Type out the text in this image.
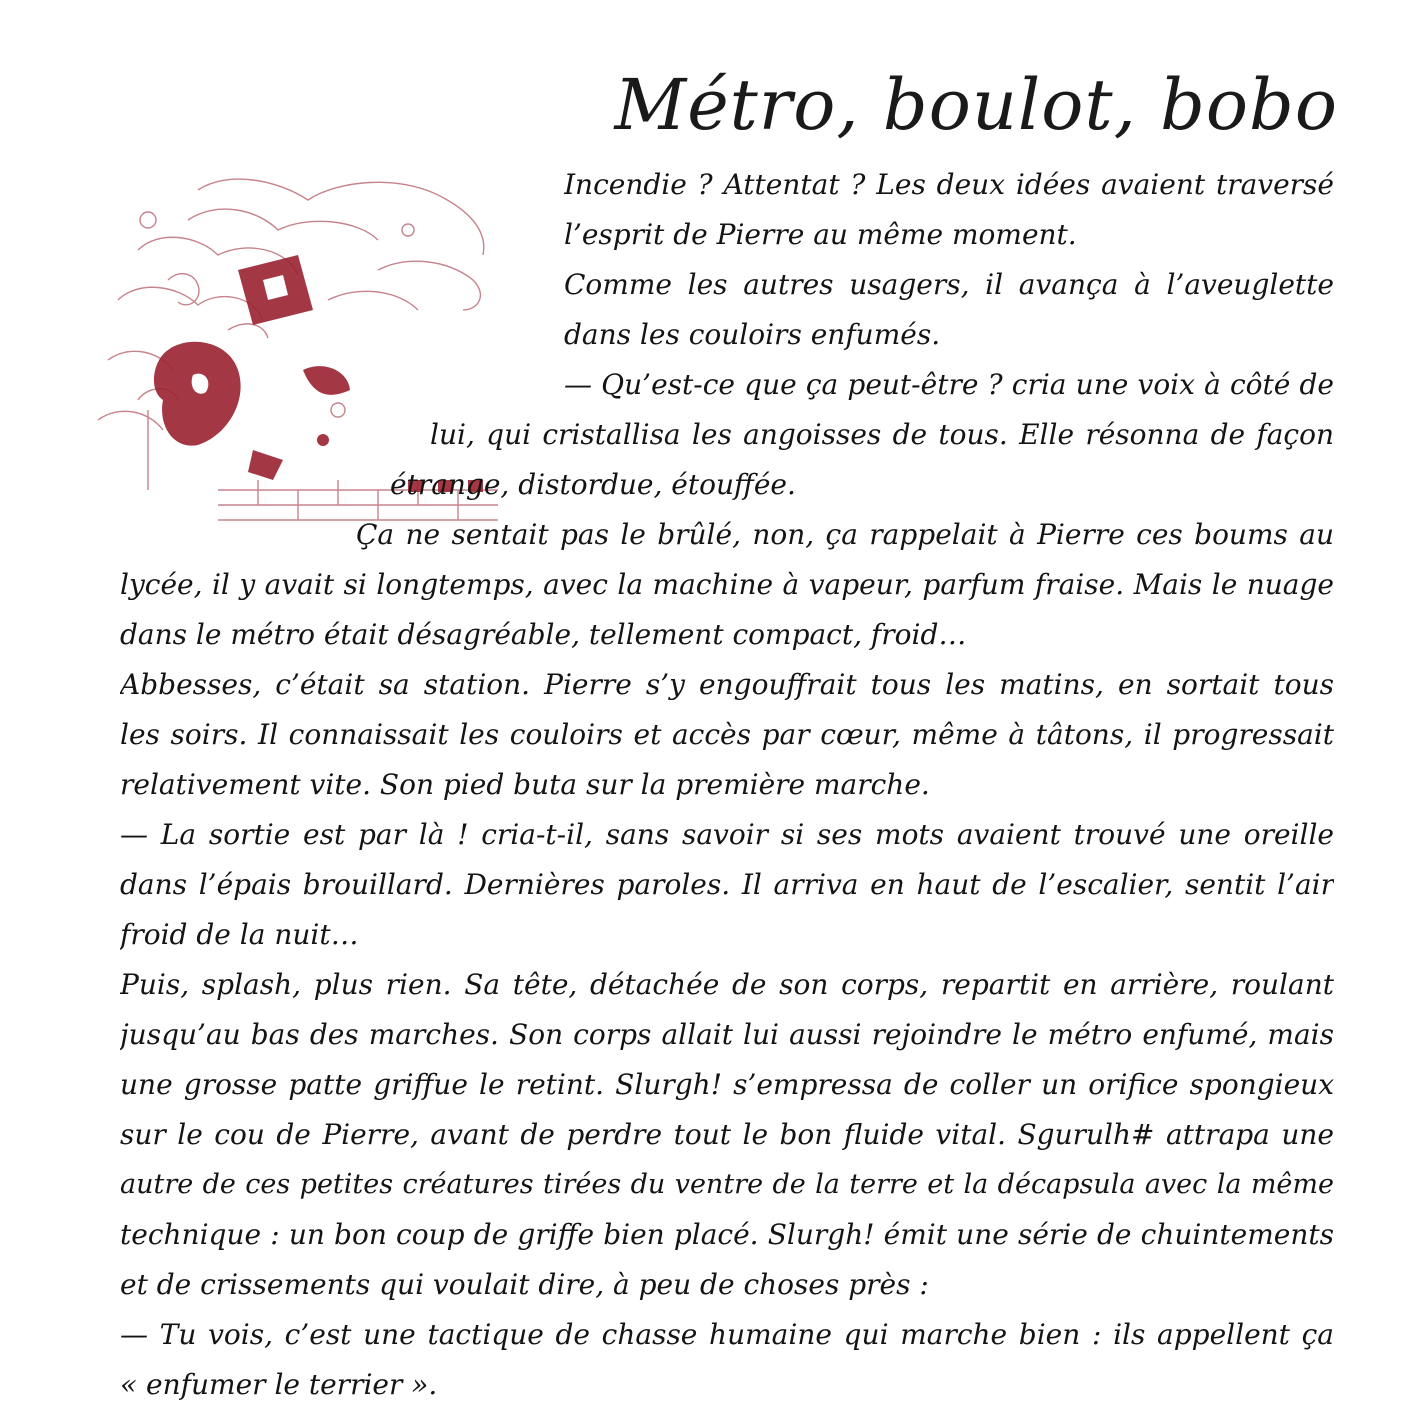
Métro, boulot, bobo
Incendie ? Attentat ? Les deux idées avaient traversé
l’esprit de Pierre au même moment.
Comme les autres usagers, il avança à l’aveuglette
dans les couloirs enfumés.
— Qu’est-ce que ça peut-être ? cria une voix à côté de
lui, qui cristallisa les angoisses de tous. Elle résonna de façon
étrange, distordue, étouffée.
Ça ne sentait pas le brûlé, non, ça rappelait à Pierre ces boums au
lycée, il y avait si longtemps, avec la machine à vapeur, parfum fraise. Mais le nuage
dans le métro était désagréable, tellement compact, froid…
Abbesses, c’était sa station. Pierre s’y engouffrait tous les matins, en sortait tous
les soirs. Il connaissait les couloirs et accès par cœur, même à tâtons, il progressait
relativement vite. Son pied buta sur la première marche.
— La sortie est par là ! cria-t-il, sans savoir si ses mots avaient trouvé une oreille
dans l’épais brouillard. Dernières paroles. Il arriva en haut de l’escalier, sentit l’air
froid de la nuit…
Puis, splash, plus rien. Sa tête, détachée de son corps, repartit en arrière, roulant
jusqu’au bas des marches. Son corps allait lui aussi rejoindre le métro enfumé, mais
une grosse patte griffue le retint. Slurgh! s’empressa de coller un orifice spongieux
sur le cou de Pierre, avant de perdre tout le bon fluide vital. Sgurulh# attrapa une
autre de ces petites créatures tirées du ventre de la terre et la décapsula avec la même
technique : un bon coup de griffe bien placé. Slurgh! émit une série de chuintements
et de crissements qui voulait dire, à peu de choses près :
— Tu vois, c’est une tactique de chasse humaine qui marche bien : ils appellent ça
« enfumer le terrier ».
